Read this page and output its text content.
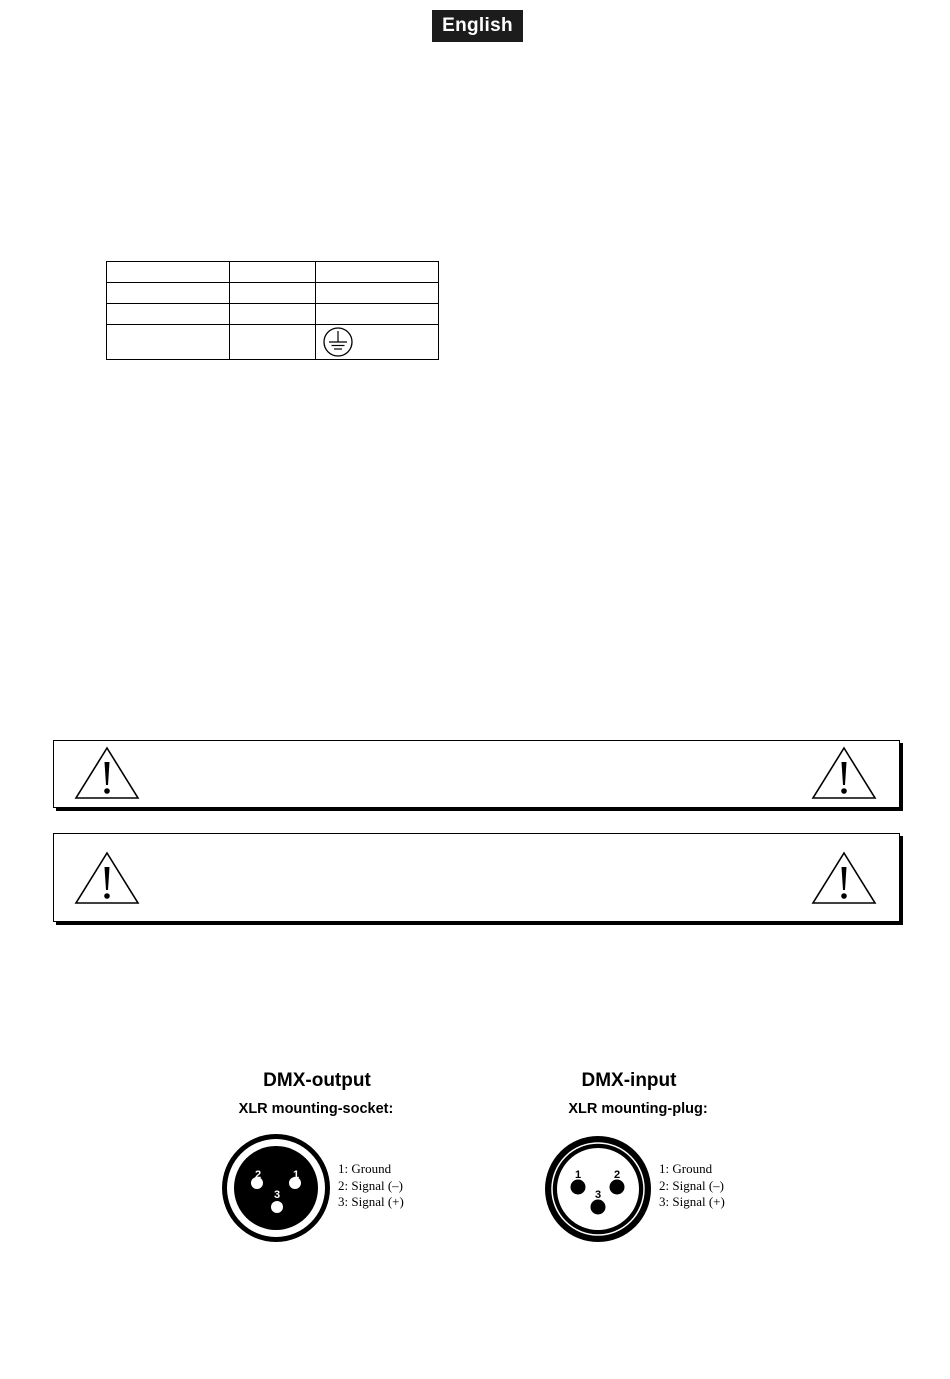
English

DMX-output
XLR mounting-socket:
2	1
3
1: Ground
2: Signal (–)
3: Signal (+)
DMX-input
XLR mounting-plug:
1	2
3
1: Ground
2: Signal (–)
3: Signal (+)
